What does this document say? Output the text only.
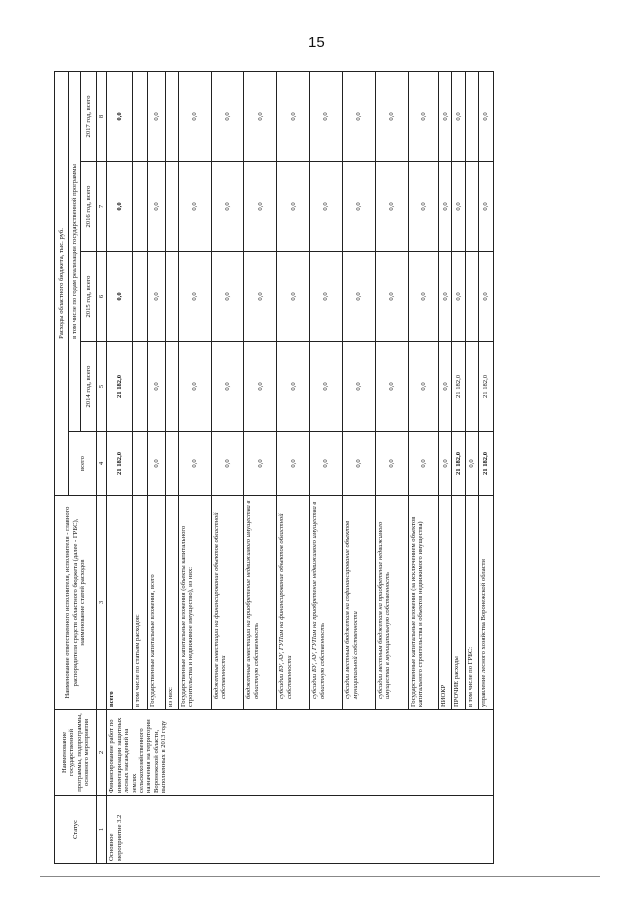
15
Статус	Наименование государственной программы, подпрограммы, основного мероприятия	Наименование ответственного исполнителя, исполнителя - главного распорядителя средств областного бюджета (далее - ГРБС), наименование статей расходов	Расходы областного бюджета, тыс. руб.				
			всего	в том числе по годам реализации государственной программы			
				2014 год, всего	2015 год, всего	2016 год, всего	2017 год, всего
1	2	3	4	5	6	7	8
Основное мероприятие 3.2	Финансирование работ по инвентаризации защитных лесных насаждений на землях сельскохозяйственного назначения на территории Воронежской области, выполненных в 2013 году	всего	21 182,0	21 182,0	0,0	0,0	0,0
		в том числе по статьям расходов:					
		Государственные капитальные вложения, всего	0,0	0,0	0,0	0,0	0,0
		из них:					
		Государственные капитальные вложения (объекты капитального строительства и недвижимое имущество), из них:	0,0	0,0	0,0	0,0	0,0
		бюджетные инвестиции на финансирование объектов областной собственности	0,0	0,0	0,0	0,0	0,0
		бюджетные инвестиции на приобретение недвижимого имущества в областную собственность	0,0	0,0	0,0	0,0	0,0
		субсидии БУ, АУ, ГУПам на финансирование объектов областной собственности	0,0	0,0	0,0	0,0	0,0
		субсидии БУ, АУ, ГУПам на приобретение недвижимого имущества в областную собственность	0,0	0,0	0,0	0,0	0,0
		субсидии местным бюджетам на софинансирование объектов муниципальной собственности	0,0	0,0	0,0	0,0	0,0
		субсидии местным бюджетам на приобретение недвижимого имущества в муниципальную собственность	0,0	0,0	0,0	0,0	0,0
		Государственные капитальные вложения (за исключением объектов капитального строительства и объектов недвижимого имущества)	0,0	0,0	0,0	0,0	0,0
		НИОКР	0,0	0,0	0,0	0,0	0,0
		ПРОЧИЕ расходы	21 182,0	21 182,0	0,0	0,0	0,0
		в том числе по ГРБС:	0,0				
		управление лесного хозяйства Воронежской области	21 182,0	21 182,0	0,0	0,0	0,0
